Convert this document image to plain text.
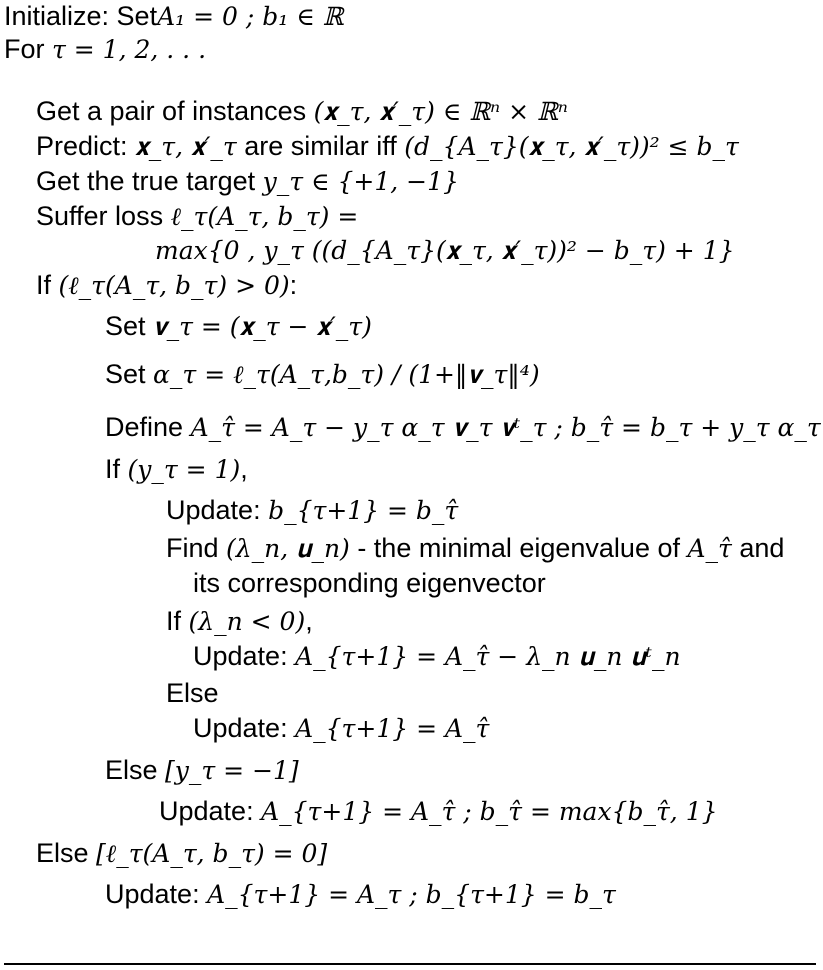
Initialize: SetA₁ = 0 ; b₁ ∈ ℝ
For τ = 1, 2, . . .
Get a pair of instances (𝐱_τ, 𝐱′_τ) ∈ ℝⁿ × ℝⁿ
Predict: 𝐱_τ, 𝐱′_τ are similar iff (d_{A_τ}(𝐱_τ, 𝐱′_τ))² ≤ b_τ
Get the true target y_τ ∈ {+1, −1}
Suffer loss ℓ_τ(A_τ, b_τ) =
max{0 , y_τ ((d_{A_τ}(𝐱_τ, 𝐱′_τ))² − b_τ) + 1}
If (ℓ_τ(A_τ, b_τ) > 0):
Set 𝐯_τ = (𝐱_τ − 𝐱′_τ)
Set α_τ = ℓ_τ(A_τ,b_τ) / (1+‖𝐯_τ‖⁴)
Define A_τ̂ = A_τ − y_τ α_τ 𝐯_τ 𝐯ᵗ_τ ; b_τ̂ = b_τ + y_τ α_τ
If (y_τ = 1),
Update: b_{τ+1} = b_τ̂
Find (λ_n, 𝐮_n) - the minimal eigenvalue of A_τ̂ and
its corresponding eigenvector
If (λ_n < 0),
Update: A_{τ+1} = A_τ̂ − λ_n 𝐮_n 𝐮ᵗ_n
Else
Update: A_{τ+1} = A_τ̂
Else [y_τ = −1]
Update: A_{τ+1} = A_τ̂ ; b_τ̂ = max{b_τ̂, 1}
Else [ℓ_τ(A_τ, b_τ) = 0]
Update: A_{τ+1} = A_τ ; b_{τ+1} = b_τ
